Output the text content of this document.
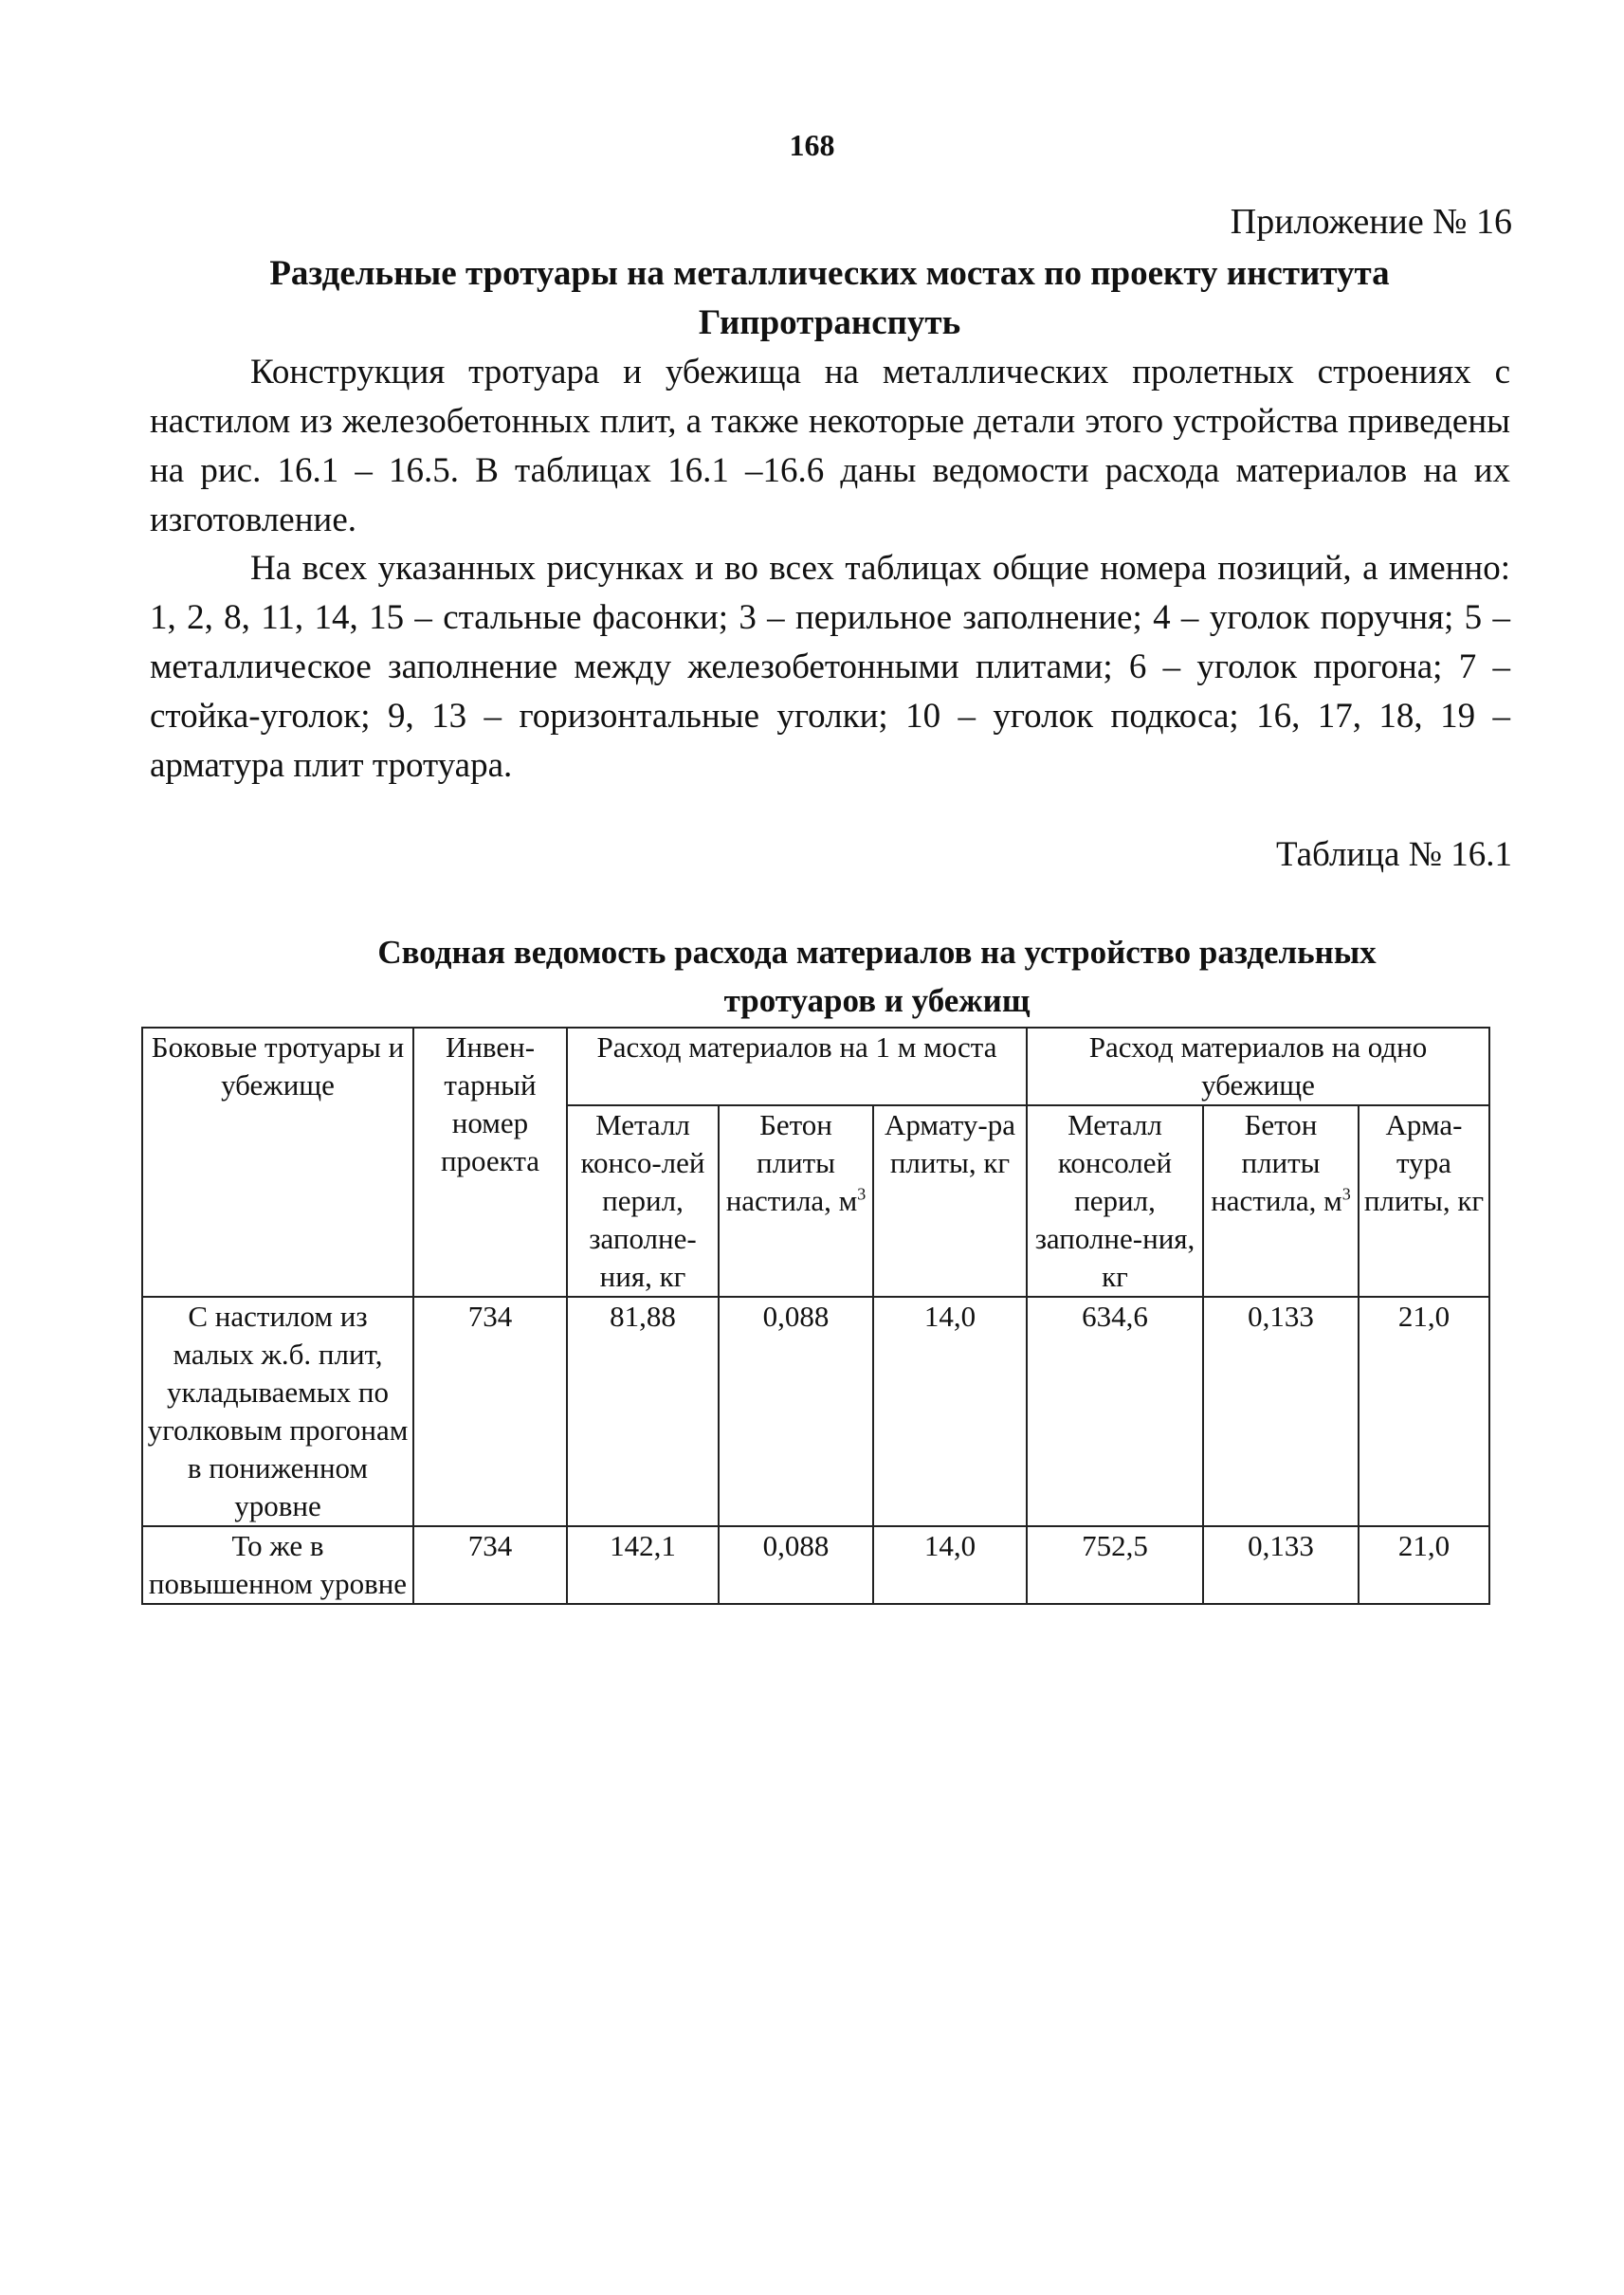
168
Приложение № 16
Раздельные тротуары на металлических мостах по проекту института Гипротранспуть

Конструкция тротуара и убежища на металлических пролетных строениях с настилом из железобетонных плит, а также некоторые детали этого устройства приведены на рис. 16.1 – 16.5. В таблицах 16.1 –16.6 даны ведомости расхода материалов на их изготовление.

На всех указанных рисунках и во всех таблицах общие номера позиций, а именно: 1, 2, 8, 11, 14, 15 – стальные фасонки; 3 – перильное заполнение; 4 – уголок поручня; 5 – металлическое заполнение между железобетонными плитами; 6 – уголок прогона; 7 – стойка-уголок; 9, 13 – горизонтальные уголки; 10 – уголок подкоса; 16, 17, 18, 19 – арматура плит тротуара.

Таблица № 16.1
Сводная ведомость расхода материалов на устройство раздельных тротуаров и убежищ
Боковые тротуары и убежище	Инвен-тарный номер проекта	Расход материалов на 1 м моста			Расход материалов на одно убежище		
		Металл консо-лей перил, заполне-ния, кг	Бетон плиты настила, $м^3$	Армату-ра плиты, кг	Металл консолей перил, заполне-ния, кг	Бетон плиты настила, $м^3$	Арма-тура плиты, кг
С настилом из малых ж.б. плит, укладываемых по уголковым прогонам в пониженном уровне	734	81,88	0,088	14,0	634,6	0,133	21,0
То же в повышенном уровне	734	142,1	0,088	14,0	752,5	0,133	21,0
